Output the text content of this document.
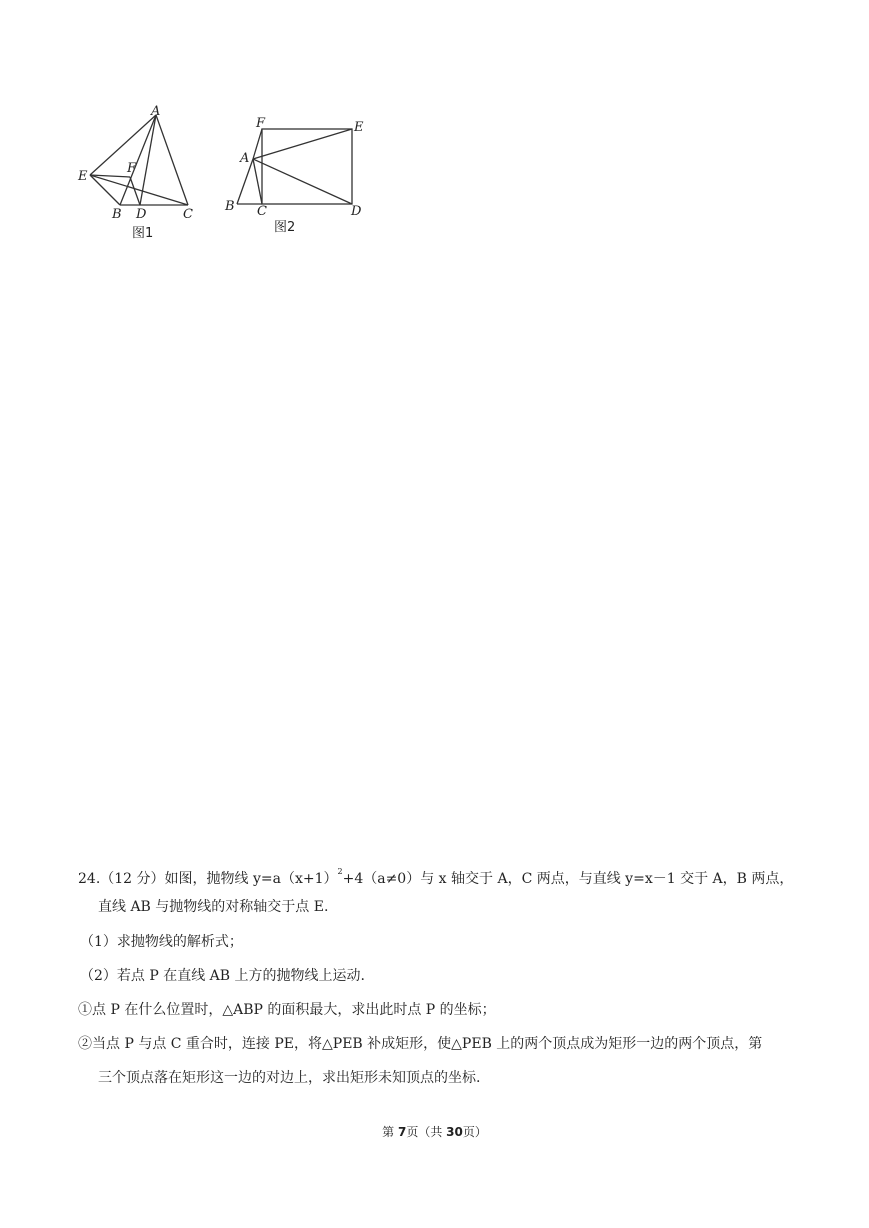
A
E
F
B D	C
图1
F	E
A
B C	D
图2
24.（12 分）如图，抛物线 $y=a(x+1)^2+4(a\ne 0)$与 x 轴交于 A，C 两点，与直线 y=x－1 交于 A，B 两点，
直线 AB 与抛物线的对称轴交于点 E.
（1）求抛物线的解析式；
（2）若点 P 在直线 AB 上方的抛物线上运动.
①点 P 在什么位置时，△ABP 的面积最大，求出此时点 P 的坐标；
②当点 P 与点 C 重合时，连接 PE，将△PEB 补成矩形，使△PEB 上的两个顶点成为矩形一边的两个顶点，第
三个顶点落在矩形这一边的对边上，求出矩形未知顶点的坐标.
第 7页（共 30页）
